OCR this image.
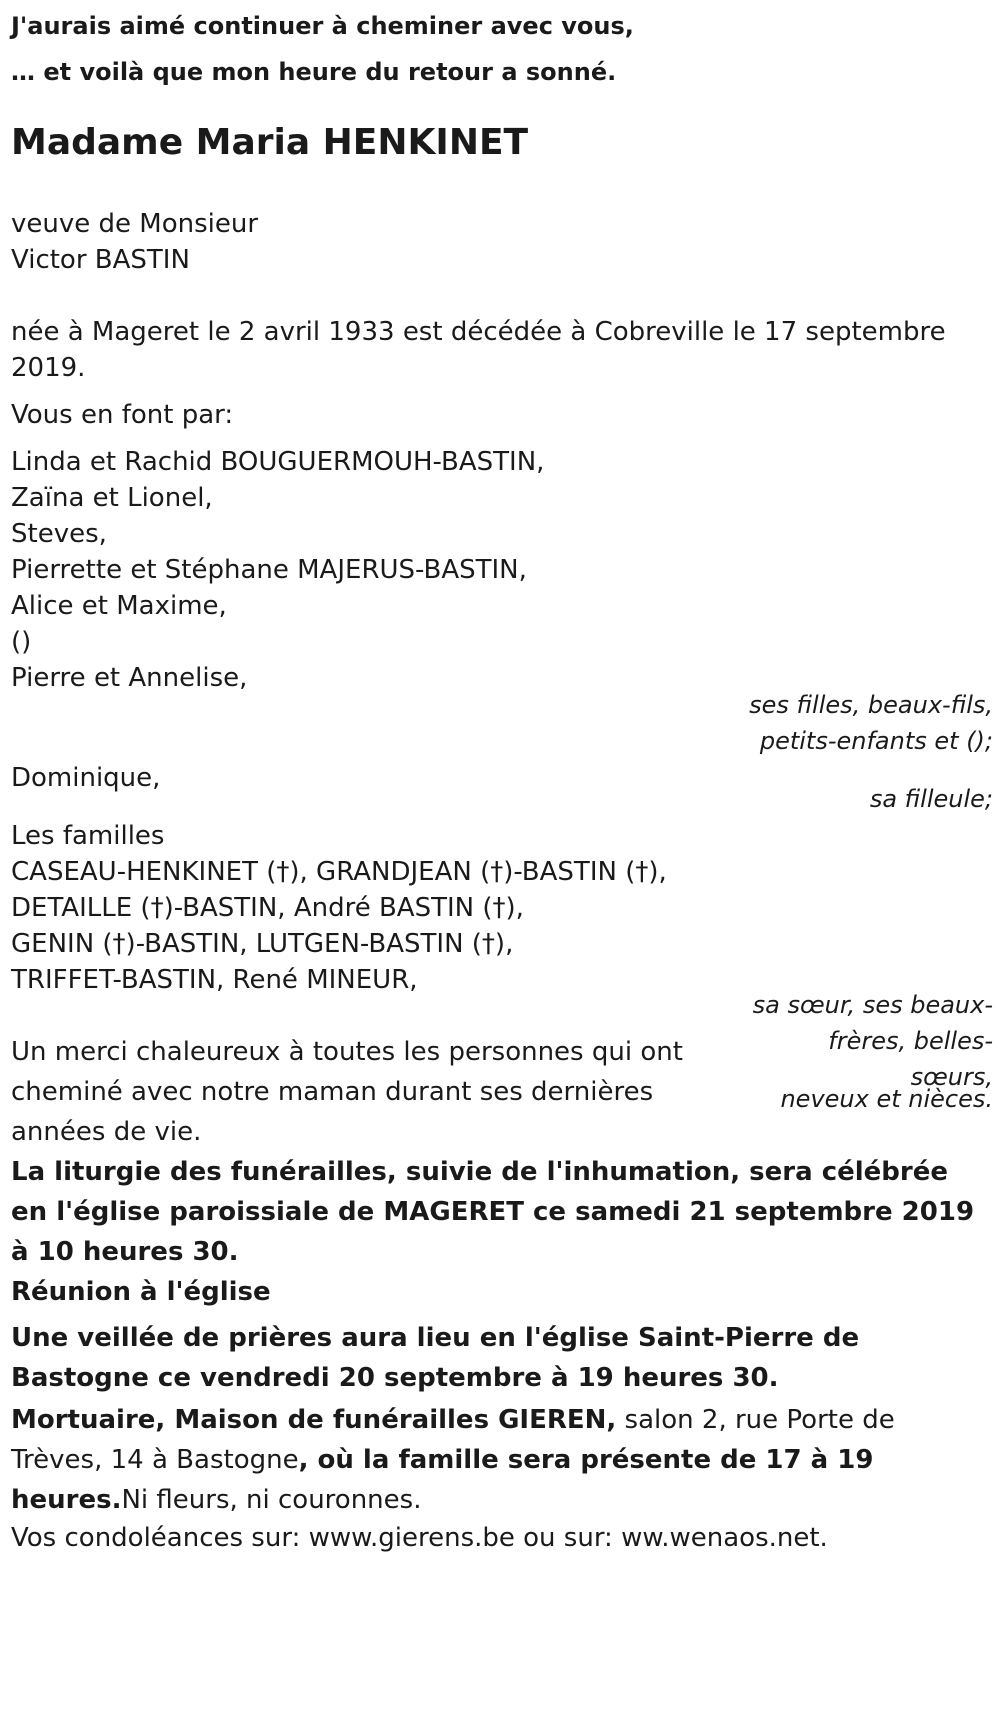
J'aurais aimé continuer à cheminer avec vous,
… et voilà que mon heure du retour a sonné.
Madame Maria HENKINET
veuve de Monsieur
Victor BASTIN
née à Mageret le 2 avril 1933 est décédée à Cobreville le 17 septembre
2019.
Vous en font par:
Linda et Rachid BOUGUERMOUH-BASTIN,
Zaïna et Lionel,
Steves,
Pierrette et Stéphane MAJERUS-BASTIN,
Alice et Maxime,
()
Pierre et Annelise,
ses filles, beaux-fils,
petits-enfants et ();
Dominique,
sa filleule;
Les familles
CASEAU-HENKINET (†), GRANDJEAN (†)-BASTIN (†),
DETAILLE (†)-BASTIN, André BASTIN (†),
GENIN (†)-BASTIN, LUTGEN-BASTIN (†),
TRIFFET-BASTIN, René MINEUR,
sa sœur, ses beaux-
frères, belles-
sœurs,
neveux et nièces.
Un merci chaleureux à toutes les personnes qui ont cheminé avec notre maman durant ses dernières années de vie.
La liturgie des funérailles, suivie de l'inhumation, sera célébrée en l'église paroissiale de MAGERET ce samedi 21 septembre 2019 à 10 heures 30.
Réunion à l'église
Une veillée de prières aura lieu en l'église Saint-Pierre de Bastogne ce vendredi 20 septembre à 19 heures 30.
Mortuaire, Maison de funérailles GIEREN, salon 2, rue Porte de Trèves, 14 à Bastogne, où la famille sera présente de 17 à 19 heures.Ni fleurs, ni couronnes.
Vos condoléances sur: www.gierens.be ou sur: ww.wenaos.net.
